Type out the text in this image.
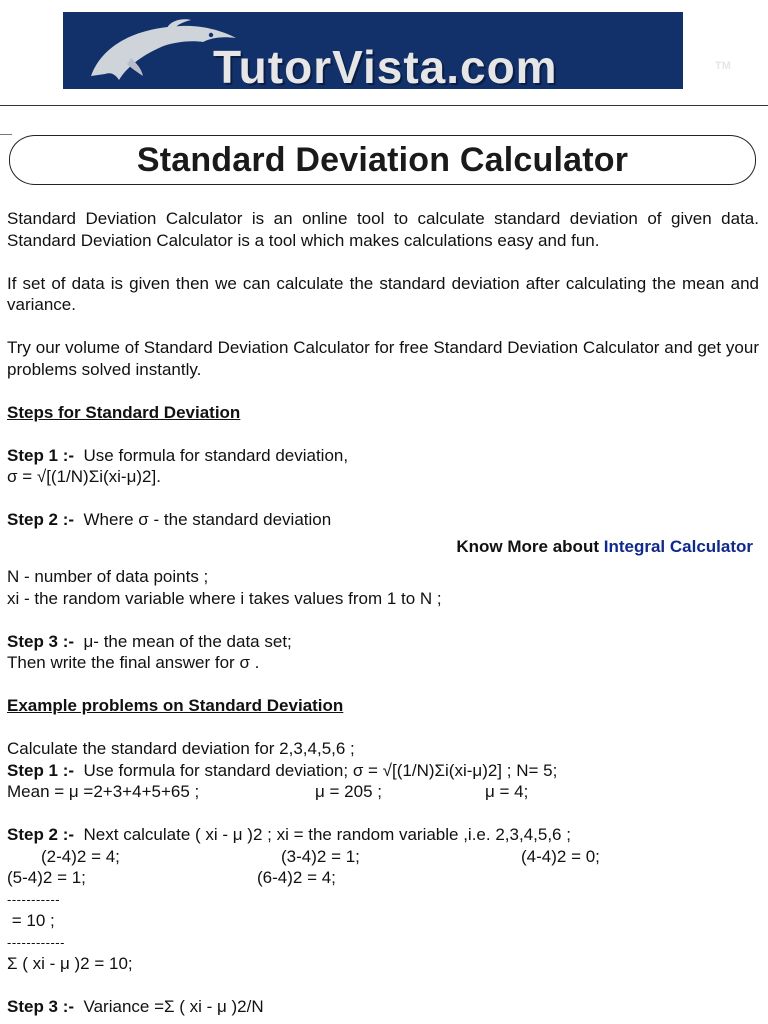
TutorVista.com	TM
Standard Deviation Calculator
Standard Deviation Calculator is an online tool to calculate standard deviation of given data. Standard Deviation Calculator is a tool which makes calculations easy and fun.
If set of data is given then we can calculate the standard deviation after calculating the mean and variance.
Try our volume of Standard Deviation Calculator for free Standard Deviation Calculator and get your problems solved instantly.
Steps for Standard Deviation
Step 1 :- Use formula for standard deviation,
σ = √[(1/N)Σi(xi-μ)2].
Step 2 :- Where σ - the standard deviation
Know More about Integral Calculator
N - number of data points ;
xi - the random variable where i takes values from 1 to N ;
Step 3 :- μ- the mean of the data set;
Then write the final answer for σ .
Example problems on Standard Deviation
Calculate the standard deviation for 2,3,4,5,6 ;
Step 1 :- Use formula for standard deviation; σ = √[(1/N)Σi(xi-μ)2] ; N= 5;
Mean = μ =2+3+4+5+65 ;	μ = 205 ;	μ = 4;
Step 2 :- Next calculate ( xi - μ )2 ; xi = the random variable ,i.e. 2,3,4,5,6 ;
(2-4)2 = 4;	(3-4)2 = 1;	(4-4)2 = 0;
(5-4)2 = 1;	(6-4)2 = 4;
-----------
= 10 ;
------------
Σ ( xi - μ )2 = 10;
Step 3 :- Variance =Σ ( xi - μ )2/N
